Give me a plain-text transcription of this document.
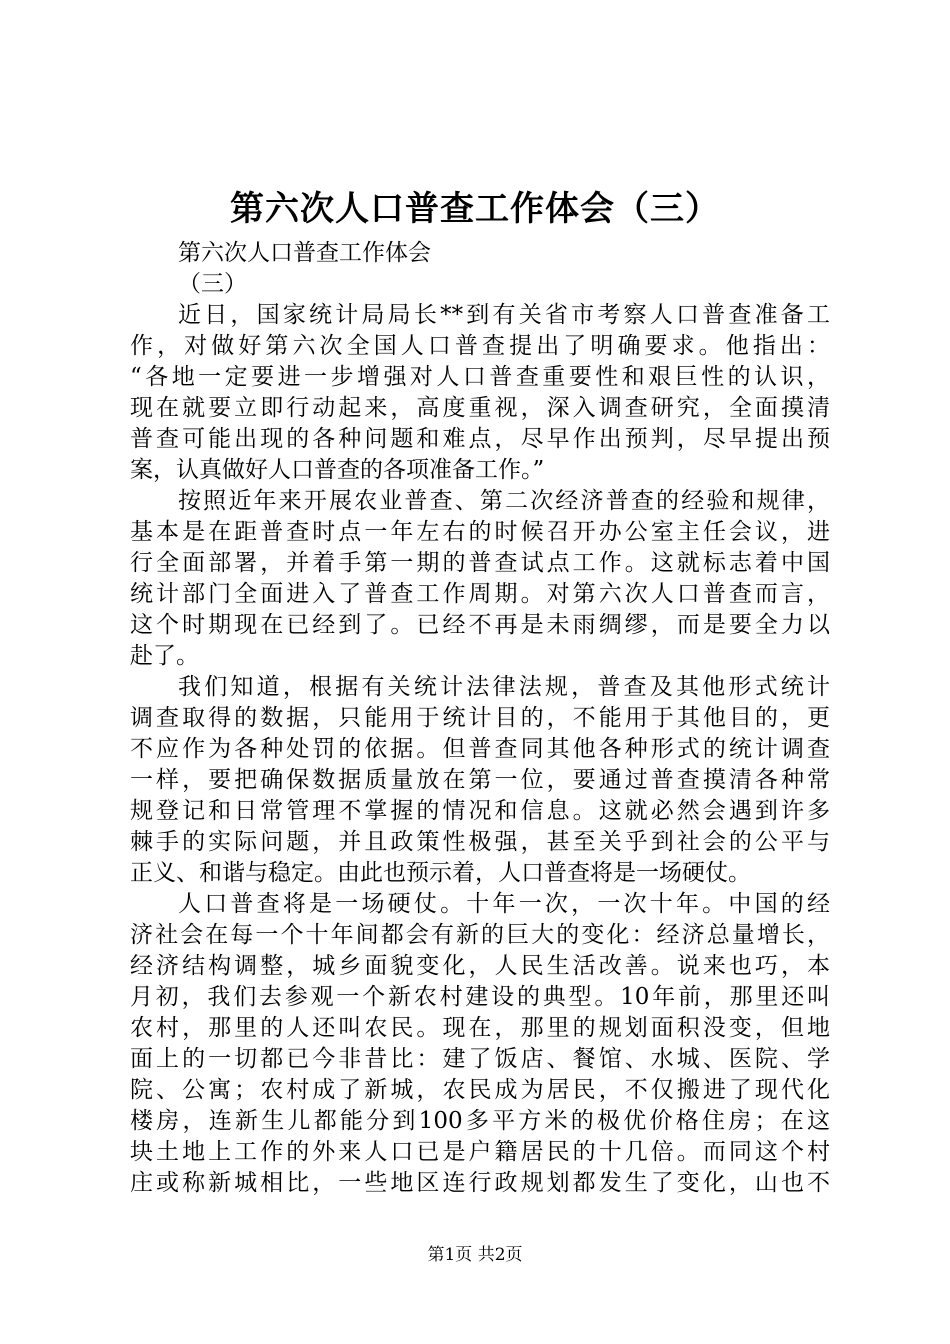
第六次人口普查工作体会（三）
第六次人口普查工作体会
（三）
近日，国家统计局局长**到有关省市考察人口普查准备工
作，对做好第六次全国人口普查提出了明确要求。他指出：
“各地一定要进一步增强对人口普查重要性和艰巨性的认识，
现在就要立即行动起来，高度重视，深入调查研究，全面摸清
普查可能出现的各种问题和难点，尽早作出预判，尽早提出预
案，认真做好人口普查的各项准备工作。”
按照近年来开展农业普查、第二次经济普查的经验和规律，
基本是在距普查时点一年左右的时候召开办公室主任会议，进
行全面部署，并着手第一期的普查试点工作。这就标志着中国
统计部门全面进入了普查工作周期。对第六次人口普查而言，
这个时期现在已经到了。已经不再是未雨绸缪，而是要全力以
赴了。
我们知道，根据有关统计法律法规，普查及其他形式统计
调查取得的数据，只能用于统计目的，不能用于其他目的，更
不应作为各种处罚的依据。但普查同其他各种形式的统计调查
一样，要把确保数据质量放在第一位，要通过普查摸清各种常
规登记和日常管理不掌握的情况和信息。这就必然会遇到许多
棘手的实际问题，并且政策性极强，甚至关乎到社会的公平与
正义、和谐与稳定。由此也预示着，人口普查将是一场硬仗。
人口普查将是一场硬仗。十年一次，一次十年。中国的经
济社会在每一个十年间都会有新的巨大的变化：经济总量增长，
经济结构调整，城乡面貌变化，人民生活改善。说来也巧，本
月初，我们去参观一个新农村建设的典型。10年前，那里还叫
农村，那里的人还叫农民。现在，那里的规划面积没变，但地
面上的一切都已今非昔比：建了饭店、餐馆、水城、医院、学
院、公寓；农村成了新城，农民成为居民，不仅搬进了现代化
楼房，连新生儿都能分到100多平方米的极优价格住房；在这
块土地上工作的外来人口已是户籍居民的十几倍。而同这个村
庄或称新城相比，一些地区连行政规划都发生了变化，山也不
第1页 共2页
